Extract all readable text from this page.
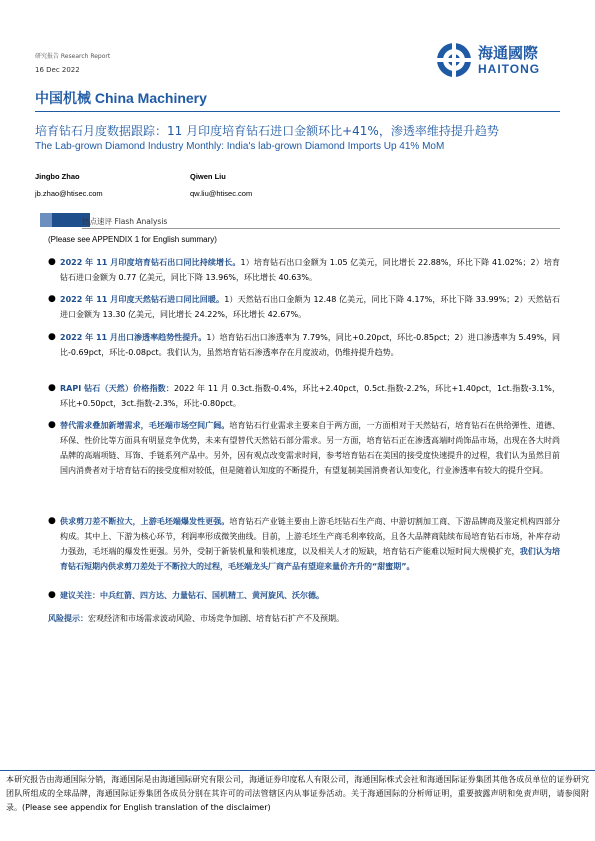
研究报告 Research Report
16 Dec 2022
海通國際
HAITONG
中国机械 China Machinery
培育钻石月度数据跟踪：11 月印度培育钻石进口金额环比+41%，渗透率维持提升趋势
The Lab-grown Diamond Industry Monthly: India's lab-grown Diamond Imports Up 41% MoM
Jingbo Zhao
jb.zhao@htisec.com
Qiwen Liu
qw.liu@htisec.com
热点速评 Flash Analysis
(Please see APPENDIX 1 for English summary)
● 2022 年 11 月印度培育钻石出口同比持续增长。1）培育钻石出口金额为 1.05 亿美元，同比增长 22.88%，环比下降 41.02%；2）培育钻石进口金额为 0.77 亿美元，同比下降 13.96%，环比增长 40.63%。
● 2022 年 11 月印度天然钻石进口同比回暖。1）天然钻石出口金额为 12.48 亿美元，同比下降 4.17%，环比下降 33.99%；2）天然钻石进口金额为 13.30 亿美元，同比增长 24.22%，环比增长 42.67%。
● 2022 年 11 月出口渗透率趋势性提升。1）培育钻石出口渗透率为 7.79%，同比+0.20pct，环比-0.85pct；2）进口渗透率为 5.49%，同比-0.69pct，环比-0.08pct。我们认为，虽然培育钻石渗透率存在月度波动，仍维持提升趋势。
● RAPI 钻石（天然）价格指数：2022 年 11 月 0.3ct.指数-0.4%，环比+2.40pct，0.5ct.指数-2.2%，环比+1.40pct，1ct.指数-3.1%，环比+0.50pct，3ct.指数-2.3%，环比-0.80pct。
● 替代需求叠加新增需求，毛坯端市场空间广阔。培育钻石行业需求主要来自于两方面，一方面相对于天然钻石，培育钻石在供给弹性、道德、环保、性价比等方面具有明显竞争优势，未来有望替代天然钻石部分需求。另一方面，培育钻石正在渗透高端时尚饰品市场，出现在各大时尚品牌的高端项链、耳饰、手链系列产品中。另外，因有观点改变需求时间，参考培育钻石在美国的接受度快速提升的过程，我们认为虽然目前国内消费者对于培育钻石的接受度相对较低，但是随着认知度的不断提升，有望复制美国消费者认知变化，行业渗透率有较大的提升空间。
● 供求剪刀差不断拉大，上游毛坯端爆发性更强。培育钻石产业链主要由上游毛坯钻石生产商、中游切割加工商、下游品牌商及鉴定机构四部分构成。其中上、下游为核心环节，利润率形成微笑曲线。目前，上游毛坯生产商毛利率较高，且各大品牌商陆续布局培育钻石市场，补库存动力强劲，毛坯端的爆发性更强。另外，受制于新装机量和装机速度，以及相关人才的短缺，培育钻石产能难以短时间大规模扩充，我们认为培育钻石短期内供求剪刀差处于不断拉大的过程，毛坯端龙头厂商产品有望迎来量价齐升的“甜蜜期”。
● 建议关注：中兵红箭、四方达、力量钻石、国机精工、黄河旋风、沃尔德。
风险提示：宏观经济和市场需求波动风险、市场竞争加剧、培育钻石扩产不及预期。
本研究报告由海通国际分销，海通国际是由海通国际研究有限公司，海通证券印度私人有限公司，海通国际株式会社和海通国际证券集团其他各成员单位的证券研究团队所组成的全球品牌，海通国际证券集团各成员分别在其许可的司法管辖区内从事证券活动。关于海通国际的分析师证明，重要披露声明和免责声明，请参阅附录。(Please see appendix for English translation of the disclaimer)
